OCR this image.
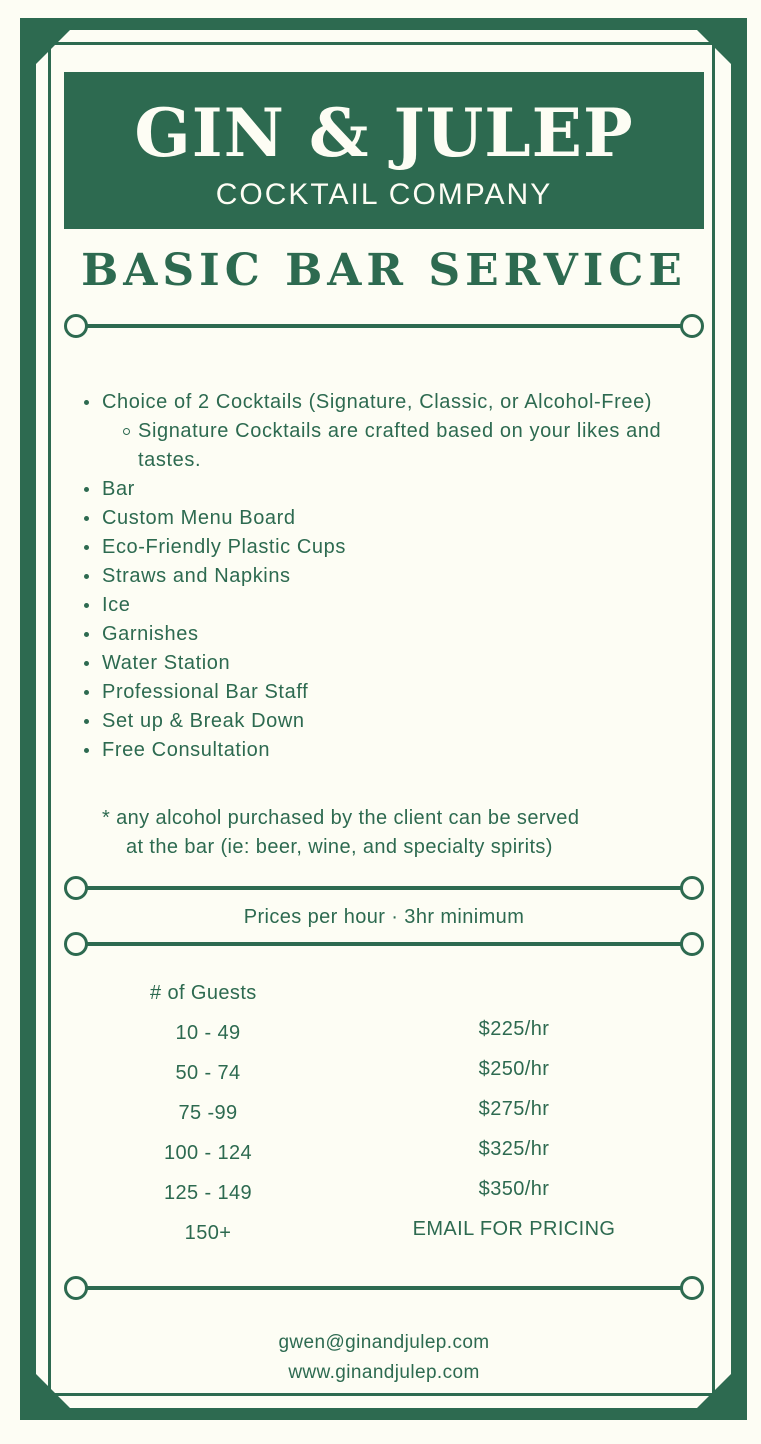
GIN & JULEP
COCKTAIL COMPANY
BASIC BAR SERVICE
Choice of 2 Cocktails (Signature, Classic, or Alcohol-Free)
Signature Cocktails are crafted based on your likes and tastes.
Bar
Custom Menu Board
Eco-Friendly Plastic Cups
Straws and Napkins
Ice
Garnishes
Water Station
Professional Bar Staff
Set up & Break Down
Free Consultation
* any alcohol purchased by the client can be served
at the bar (ie: beer, wine, and specialty spirits)
Prices per hour · 3hr minimum
# of Guests
10 - 49	$225/hr
50 - 74	$250/hr
75 -99	$275/hr
100 - 124	$325/hr
125 - 149	$350/hr
150+	EMAIL FOR PRICING
gwen@ginandjulep.com
www.ginandjulep.com
